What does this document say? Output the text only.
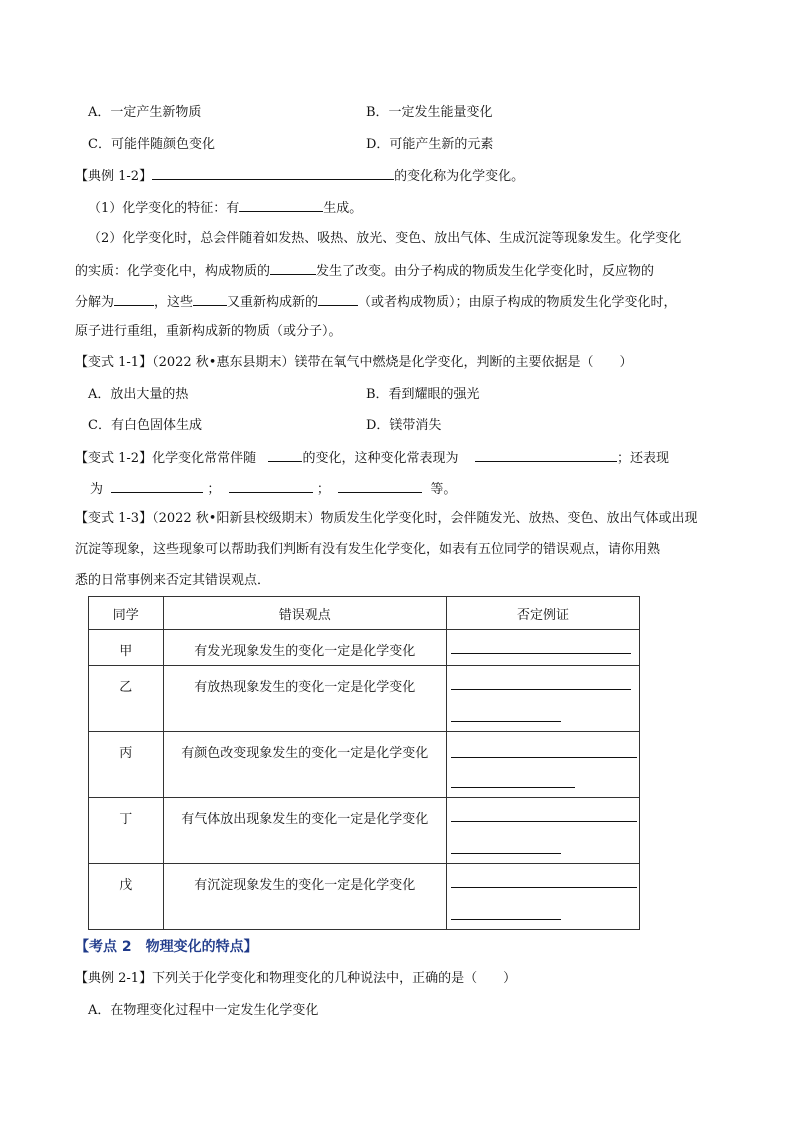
A．一定产生新物质	B．一定发生能量变化
C．可能伴随颜色变化	D．可能产生新的元素
【典例 1-2】	的变化称为化学变化。
（1）化学变化的特征：有	生成。
（2）化学变化时，总会伴随着如发热、吸热、放光、变色、放出气体、生成沉淀等现象发生。化学变化
的实质：化学变化中，构成物质的	发生了改变。由分子构成的物质发生化学变化时，反应物的
分解为	，这些	又重新构成新的	（或者构成物质）；由原子构成的物质发生化学变化时，
原子进行重组，重新构成新的物质（或分子）。
【变式 1-1】（2022 秋•惠东县期末）镁带在氧气中燃烧是化学变化，判断的主要依据是（　　）
A．放出大量的热	B．看到耀眼的强光
C．有白色固体生成	D．镁带消失
【变式 1-2】化学变化常常伴随	的变化，这种变化常表现为	；还表现
为	；	；	等。
【变式 1-3】（2022 秋•阳新县校级期末）物质发生化学变化时，会伴随发光、放热、变色、放出气体或出现
沉淀等现象，这些现象可以帮助我们判断有没有发生化学变化，如表有五位同学的错误观点，请你用熟
悉的日常事例来否定其错误观点．
同学	错误观点	否定例证
甲	有发光现象发生的变化一定是化学变化	

乙	有放热现象发生的变化一定是化学变化	

丙	有颜色改变现象发生的变化一定是化学变化	

丁	有气体放出现象发生的变化一定是化学变化	

戊	有沉淀现象发生的变化一定是化学变化	
【考点 2　物理变化的特点】
【典例 2-1】下列关于化学变化和物理变化的几种说法中，正确的是（　　）
A．在物理变化过程中一定发生化学变化
